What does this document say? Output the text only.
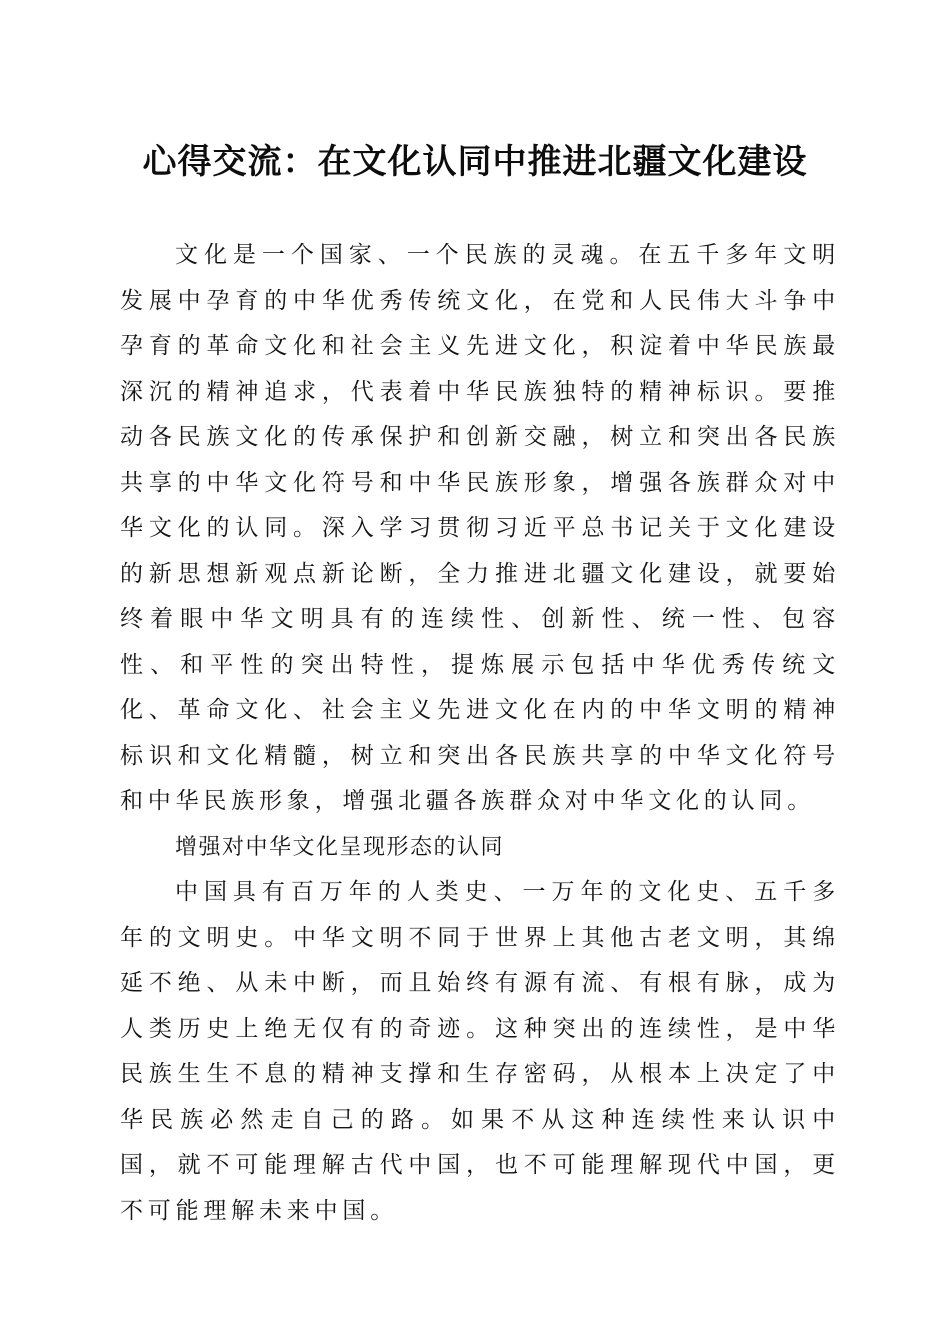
心得交流：在文化认同中推进北疆文化建设

文化是一个国家、一个民族的灵魂。在五千多年文明发展中孕育的中华优秀传统文化，在党和人民伟大斗争中孕育的革命文化和社会主义先进文化，积淀着中华民族最深沉的精神追求，代表着中华民族独特的精神标识。要推动各民族文化的传承保护和创新交融，树立和突出各民族共享的中华文化符号和中华民族形象，增强各族群众对中华文化的认同。深入学习贯彻习近平总书记关于文化建设的新思想新观点新论断，全力推进北疆文化建设，就要始终着眼中华文明具有的连续性、创新性、统一性、包容性、和平性的突出特性，提炼展示包括中华优秀传统文化、革命文化、社会主义先进文化在内的中华文明的精神标识和文化精髓，树立和突出各民族共享的中华文化符号和中华民族形象，增强北疆各族群众对中华文化的认同。

增强对中华文化呈现形态的认同

中国具有百万年的人类史、一万年的文化史、五千多年的文明史。中华文明不同于世界上其他古老文明，其绵延不绝、从未中断，而且始终有源有流、有根有脉，成为人类历史上绝无仅有的奇迹。这种突出的连续性，是中华民族生生不息的精神支撑和生存密码，从根本上决定了中华民族必然走自己的路。如果不从这种连续性来认识中国，就不可能理解古代中国，也不可能理解现代中国，更不可能理解未来中国。
